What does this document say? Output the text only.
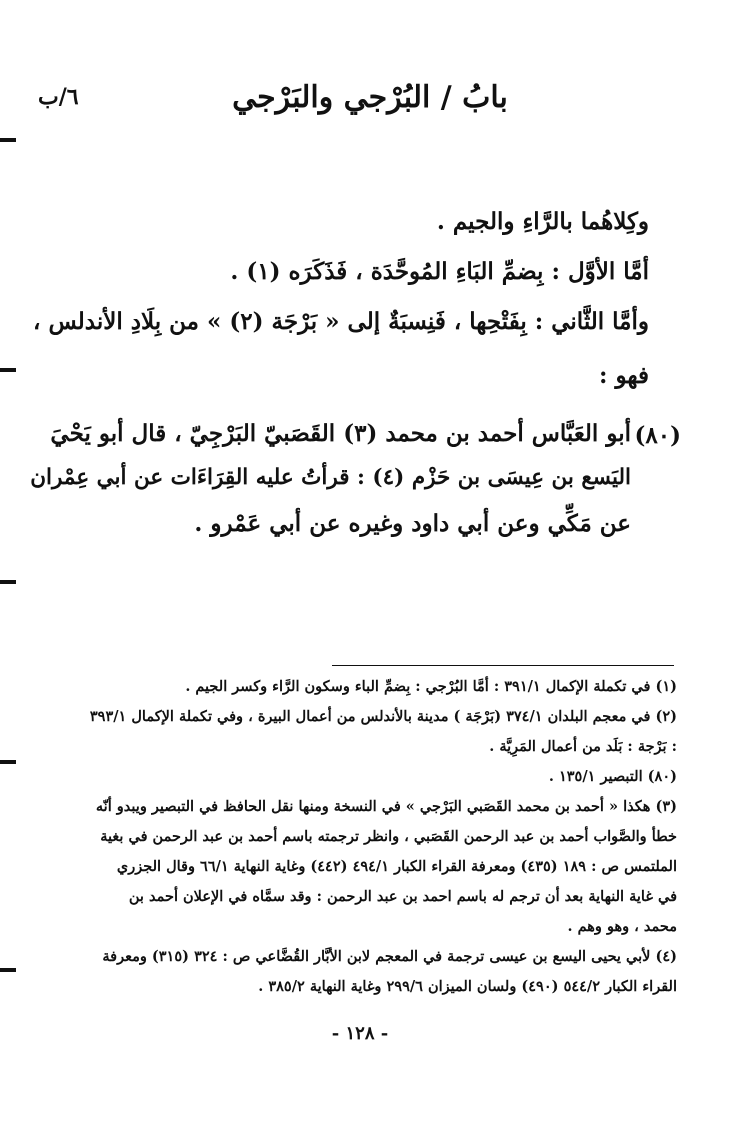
بابُ / البُرْجي والبَرْجي
٦/ب
وكِلاهُما بالرَّاءِ والجيم .
أمَّا الأوَّل : بِضمِّ البَاءِ المُوحَّدَة ، فَذَكَرَه (١) .
وأمَّا الثَّاني : بِفَتْحِها ، فَنِسبَةٌ إلى « بَرْجَة (٢) » من بِلَادِ الأندلس ،
فهو :
(٨٠)
أبو العَبَّاس أحمد بن محمد (٣) القَصَبيّ البَرْجِيّ ، قال أبو يَحْيَ
اليَسع بن عِيسَى بن حَزْم (٤) : قرأتُ عليه القِرَاءَات عن أبي عِمْران
عن مَكِّي وعن أبي داود وغيره عن أبي عَمْرو .
(١) في تكملة الإكمال ٣٩١/١ : أمَّا البُرْجي : بِضمِّ الباء وسكون الرَّاء وكسر الجيم .
(٢) في معجم البلدان ٣٧٤/١ (بَرْجَة ) مدينة بالأندلس من أعمال البيرة ، وفي تكملة الإكمال ٣٩٣/١
: بَرْجة : بَلَد من أعمال المَرِيَّة .
(٨٠) التبصير ١٣٥/١ .
(٣) هكذا « أحمد بن محمد القَصَبي البَرْجي » في النسخة ومنها نقل الحافظ في التبصير ويبدو أنّه
خطأ والصَّواب أحمد بن عبد الرحمن القَصَبي ، وانظر ترجمته باسم أحمد بن عبد الرحمن في بغية
الملتمس ص : ١٨٩ (٤٣٥) ومعرفة القراء الكبار ٤٩٤/١ (٤٤٢) وغاية النهاية ٦٦/١ وقال الجزري
في غاية النهاية بعد أن ترجم له باسم احمد بن عبد الرحمن : وقد سمَّاه في الإعلان أحمد بن
محمد ، وهو وهم .
(٤) لأبي يحيى اليسع بن عيسى ترجمة في المعجم لابن الأبَّار القُضَّاعي ص : ٣٢٤ (٣١٥) ومعرفة
القراء الكبار ٥٤٤/٢ (٤٩٠) ولسان الميزان ٢٩٩/٦ وغاية النهاية ٣٨٥/٢ .
- ١٢٨ -
